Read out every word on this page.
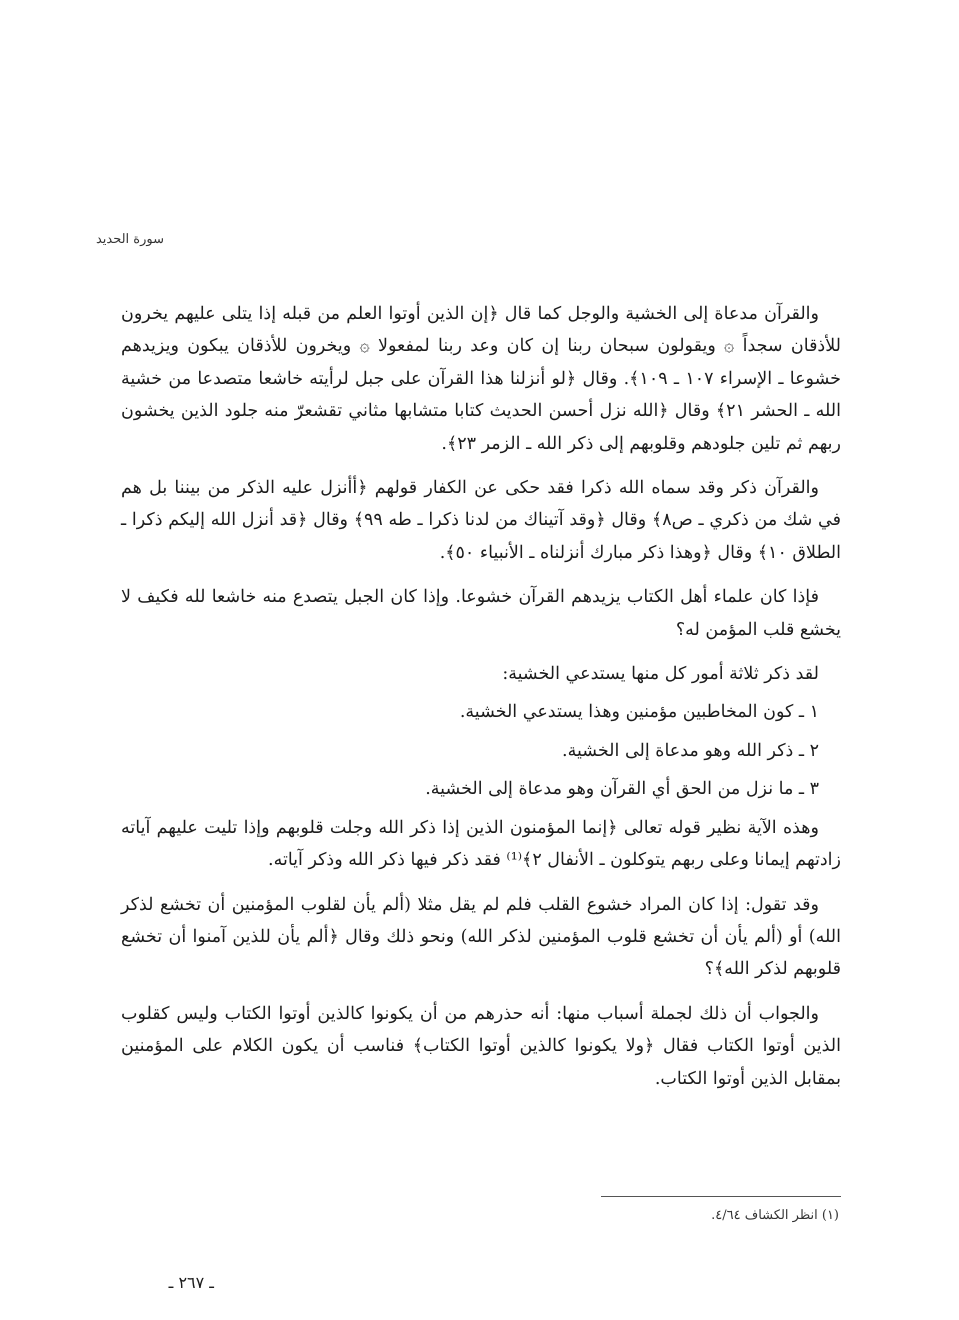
سورة الحديد

والقرآن مدعاة إلى الخشية والوجل كما قال ﴿إن الذين أوتوا العلم من قبله إذا يتلى عليهم يخرون للأذقان سجداً ۞ ويقولون سبحان ربنا إن كان وعد ربنا لمفعولا ۞ ويخرون للأذقان يبكون ويزيدهم خشوعا ـ الإسراء ١٠٧ ـ ١٠٩﴾. وقال ﴿لو أنزلنا هذا القرآن على جبل لرأيته خاشعا متصدعا من خشية الله ـ الحشر ٢١﴾ وقال ﴿الله نزل أحسن الحديث كتابا متشابها مثاني تقشعرّ منه جلود الذين يخشون ربهم ثم تلين جلودهم وقلوبهم إلى ذكر الله ـ الزمر ٢٣﴾.

والقرآن ذكر وقد سماه الله ذكرا فقد حكى عن الكفار قولهم ﴿أأنزل عليه الذكر من بيننا بل هم في شك من ذكري ـ ص٨﴾ وقال ﴿وقد آتيناك من لدنا ذكرا ـ طه ٩٩﴾ وقال ﴿قد أنزل الله إليكم ذكرا ـ الطلاق ١٠﴾ وقال ﴿وهذا ذكر مبارك أنزلناه ـ الأنبياء ٥٠﴾.

فإذا كان علماء أهل الكتاب يزيدهم القرآن خشوعا. وإذا كان الجبل يتصدع منه خاشعا لله فكيف لا يخشع قلب المؤمن له؟

لقد ذكر ثلاثة أمور كل منها يستدعي الخشية:

١ ـ كون المخاطبين مؤمنين وهذا يستدعي الخشية.

٢ ـ ذكر الله وهو مدعاة إلى الخشية.

٣ ـ ما نزل من الحق أي القرآن وهو مدعاة إلى الخشية.

وهذه الآية نظير قوله تعالى ﴿إنما المؤمنون الذين إذا ذكر الله وجلت قلوبهم وإذا تليت عليهم آياته زادتهم إيمانا وعلى ربهم يتوكلون ـ الأنفال ٢﴾⁽¹⁾ فقد ذكر فيها ذكر الله وذكر آياته.

وقد تقول: إذا كان المراد خشوع القلب فلم لم يقل مثلا (ألم يأن لقلوب المؤمنين أن تخشع لذكر الله) أو (ألم يأن أن تخشع قلوب المؤمنين لذكر الله) ونحو ذلك وقال ﴿ألم يأن للذين آمنوا أن تخشع قلوبهم لذكر الله﴾؟

والجواب أن ذلك لجملة أسباب منها: أنه حذرهم من أن يكونوا كالذين أوتوا الكتاب وليس كقلوب الذين أوتوا الكتاب فقال ﴿ولا يكونوا كالذين أوتوا الكتاب﴾ فناسب أن يكون الكلام على المؤمنين بمقابل الذين أوتوا الكتاب.

(١) انظر الكشاف ٤/٦٤.
ـ ٢٦٧ ـ
